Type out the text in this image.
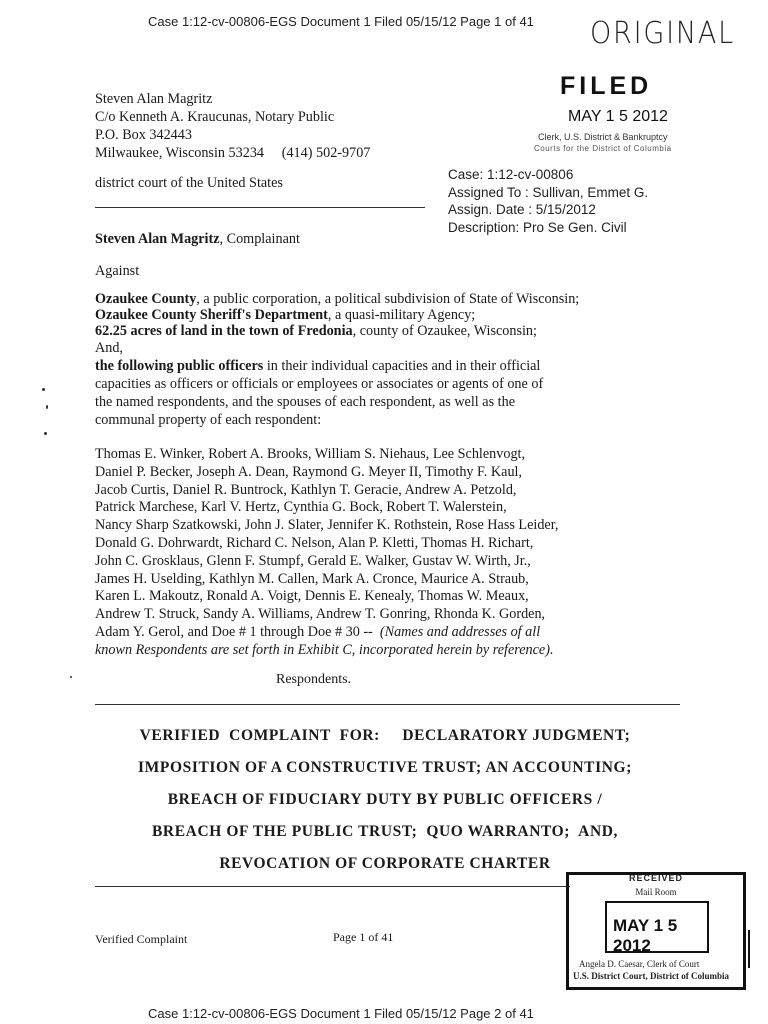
Case 1:12-cv-00806-EGS Document 1 Filed 05/15/12 Page 1 of 41 ORIGINAL
Steven Alan Magritz
C/o Kenneth A. Kraucunas, Notary Public
P.O. Box 342443
Milwaukee, Wisconsin 53234     (414) 502-9707
district court of the United States
FILED
MAY 1 5 2012
Clerk, U.S. District & Bankruptcy
Courts for the District of Columbia
Case: 1:12-cv-00806
Assigned To : Sullivan, Emmet G.
Assign. Date : 5/15/2012
Description: Pro Se Gen. Civil
Steven Alan Magritz, Complainant
Against
Ozaukee County, a public corporation, a political subdivision of State of Wisconsin;
Ozaukee County Sheriff's Department, a quasi-military Agency;
62.25 acres of land in the town of Fredonia, county of Ozaukee, Wisconsin;
And,
the following public officers in their individual capacities and in their official
capacities as officers or officials or employees or associates or agents of one of
the named respondents, and the spouses of each respondent, as well as the
communal property of each respondent:
Thomas E. Winker, Robert A. Brooks, William S. Niehaus, Lee Schlenvogt,
Daniel P. Becker, Joseph A. Dean, Raymond G. Meyer II, Timothy F. Kaul,
Jacob Curtis, Daniel R. Buntrock, Kathlyn T. Geracie, Andrew A. Petzold,
Patrick Marchese, Karl V. Hertz, Cynthia G. Bock, Robert T. Walerstein,
Nancy Sharp Szatkowski, John J. Slater, Jennifer K. Rothstein, Rose Hass Leider,
Donald G. Dohrwardt, Richard C. Nelson, Alan P. Kletti, Thomas H. Richart,
John C. Grosklaus, Glenn F. Stumpf, Gerald E. Walker, Gustav W. Wirth, Jr.,
James H. Uselding, Kathlyn M. Callen, Mark A. Cronce, Maurice A. Straub,
Karen L. Makoutz, Ronald A. Voigt, Dennis E. Kenealy, Thomas W. Meaux,
Andrew T. Struck, Sandy A. Williams, Andrew T. Gonring, Rhonda K. Gorden,
Adam Y. Gerol, and Doe # 1 through Doe # 30 --  (Names and addresses of all
known Respondents are set forth in Exhibit C, incorporated herein by reference).
Respondents.
VERIFIED  COMPLAINT  FOR:     DECLARATORY JUDGMENT;
IMPOSITION OF A CONSTRUCTIVE TRUST; AN ACCOUNTING;
BREACH OF FIDUCIARY DUTY BY PUBLIC OFFICERS /
BREACH OF THE PUBLIC TRUST;  QUO WARRANTO;  AND,
REVOCATION OF CORPORATE CHARTER
Verified Complaint	Page 1 of 41
RECEIVED
Mail Room
MAY 1 5 2012
Angela D. Caesar, Clerk of Court
U.S. District Court, District of Columbia
Case 1:12-cv-00806-EGS Document 1 Filed 05/15/12 Page 2 of 41
